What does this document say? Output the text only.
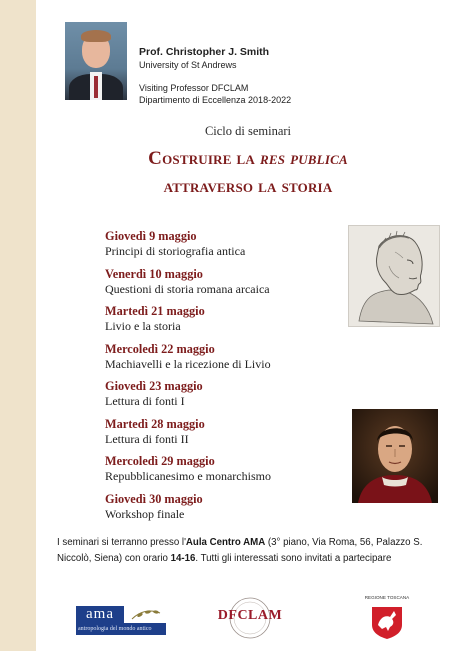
Prof. Christopher J. Smith
University of St Andrews
Visiting Professor DFCLAM
Dipartimento di Eccellenza 2018-2022
Ciclo di seminari
Costruire la res publica
attraverso la storia
Giovedì 9 maggio
Principi di storiografia antica
Venerdì 10 maggio
Questioni di storia romana arcaica
Martedì 21 maggio
Livio e la storia
Mercoledì 22 maggio
Machiavelli e la ricezione di Livio
Giovedì 23 maggio
Lettura di fonti I
Martedì 28 maggio
Lettura di fonti II
Mercoledì 29 maggio
Repubblicanesimo e monarchismo
Giovedì 30 maggio
Workshop finale
I seminari si terranno presso l'Aula Centro AMA (3° piano, Via Roma, 56, Palazzo S. Niccolò, Siena) con orario 14-16. Tutti gli interessati sono invitati a partecipare
ama
antropologia del mondo antico
DFCLAM
REGIONE TOSCANA
